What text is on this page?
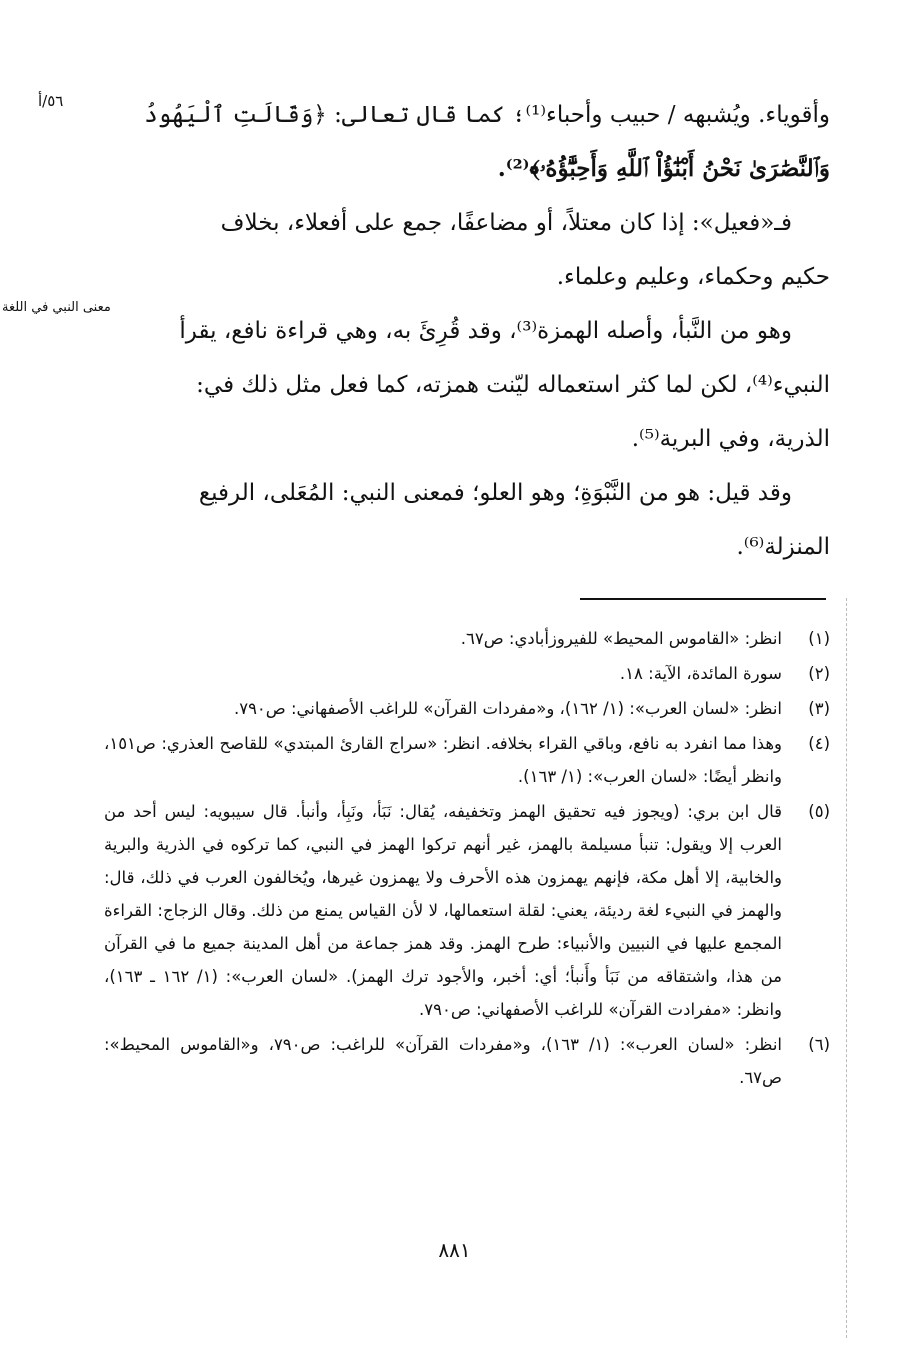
٥٦/أ
معنى النبي في اللغة

وأقوياء. ويُشبهه / حبيب وأحباء⁽¹⁾؛ كما قال تعالى: ﴿وَقَالَتِ ٱلْيَهُودُ

وَٱلنَّصَٰرَىٰ نَحْنُ أَبْنَٰٓؤُاْ ٱللَّهِ وَأَحِبَّٰٓؤُهُۥ﴾⁽²⁾.

فـ«فعيل»: إذا كان معتلاً، أو مضاعفًا، جمع على أفعلاء، بخلاف

حكيم وحكماء، وعليم وعلماء.

وهو من النَّبأ، وأصله الهمزة⁽³⁾، وقد قُرِئَ به، وهي قراءة نافع، يقرأ

النبيء⁽⁴⁾، لكن لما كثر استعماله ليّنت همزته، كما فعل مثل ذلك في:

الذرية، وفي البرية⁽⁵⁾.

وقد قيل: هو من النَّبْوَةِ؛ وهو العلو؛ فمعنى النبي: المُعَلى، الرفيع

المنزلة⁽⁶⁾.

(١)
انظر: «القاموس المحيط» للفيروزأبادي: ص٦٧.
(٢)
سورة المائدة، الآية: ١٨.
(٣)
انظر: «لسان العرب»: (١/ ١٦٢)، و«مفردات القرآن» للراغب الأصفهاني: ص٧٩٠.
(٤)
وهذا مما انفرد به نافع، وباقي القراء بخلافه. انظر: «سراج القارئ المبتدي» للقاصح العذري: ص١٥١، وانظر أيضًا: «لسان العرب»: (١/ ١٦٣).
(٥)
قال ابن بري: (ويجوز فيه تحقيق الهمز وتخفيفه، يُقال: نَبَأ، ونَبِأ، وأنبأ. قال سيبويه: ليس أحد من العرب إلا ويقول: تنبأ مسيلمة بالهمز، غير أنهم تركوا الهمز في النبي، كما تركوه في الذرية والبرية والخابية، إلا أهل مكة، فإنهم يهمزون هذه الأحرف ولا يهمزون غيرها، ويُخالفون العرب في ذلك، قال: والهمز في النبيء لغة رديئة، يعني: لقلة استعمالها، لا لأن القياس يمنع من ذلك. وقال الزجاج: القراءة المجمع عليها في النبيين والأنبياء: طرح الهمز. وقد همز جماعة من أهل المدينة جميع ما في القرآن من هذا، واشتقاقه من نَبَأ وأَنبأ؛ أي: أخبر، والأجود ترك الهمز). «لسان العرب»: (١/ ١٦٢ ـ ١٦٣)، وانظر: «مفرادت القرآن» للراغب الأصفهاني: ص٧٩٠.
(٦)
انظر: «لسان العرب»: (١/ ١٦٣)، و«مفردات القرآن» للراغب: ص٧٩٠، و«القاموس المحيط»: ص٦٧.
٨٨١
